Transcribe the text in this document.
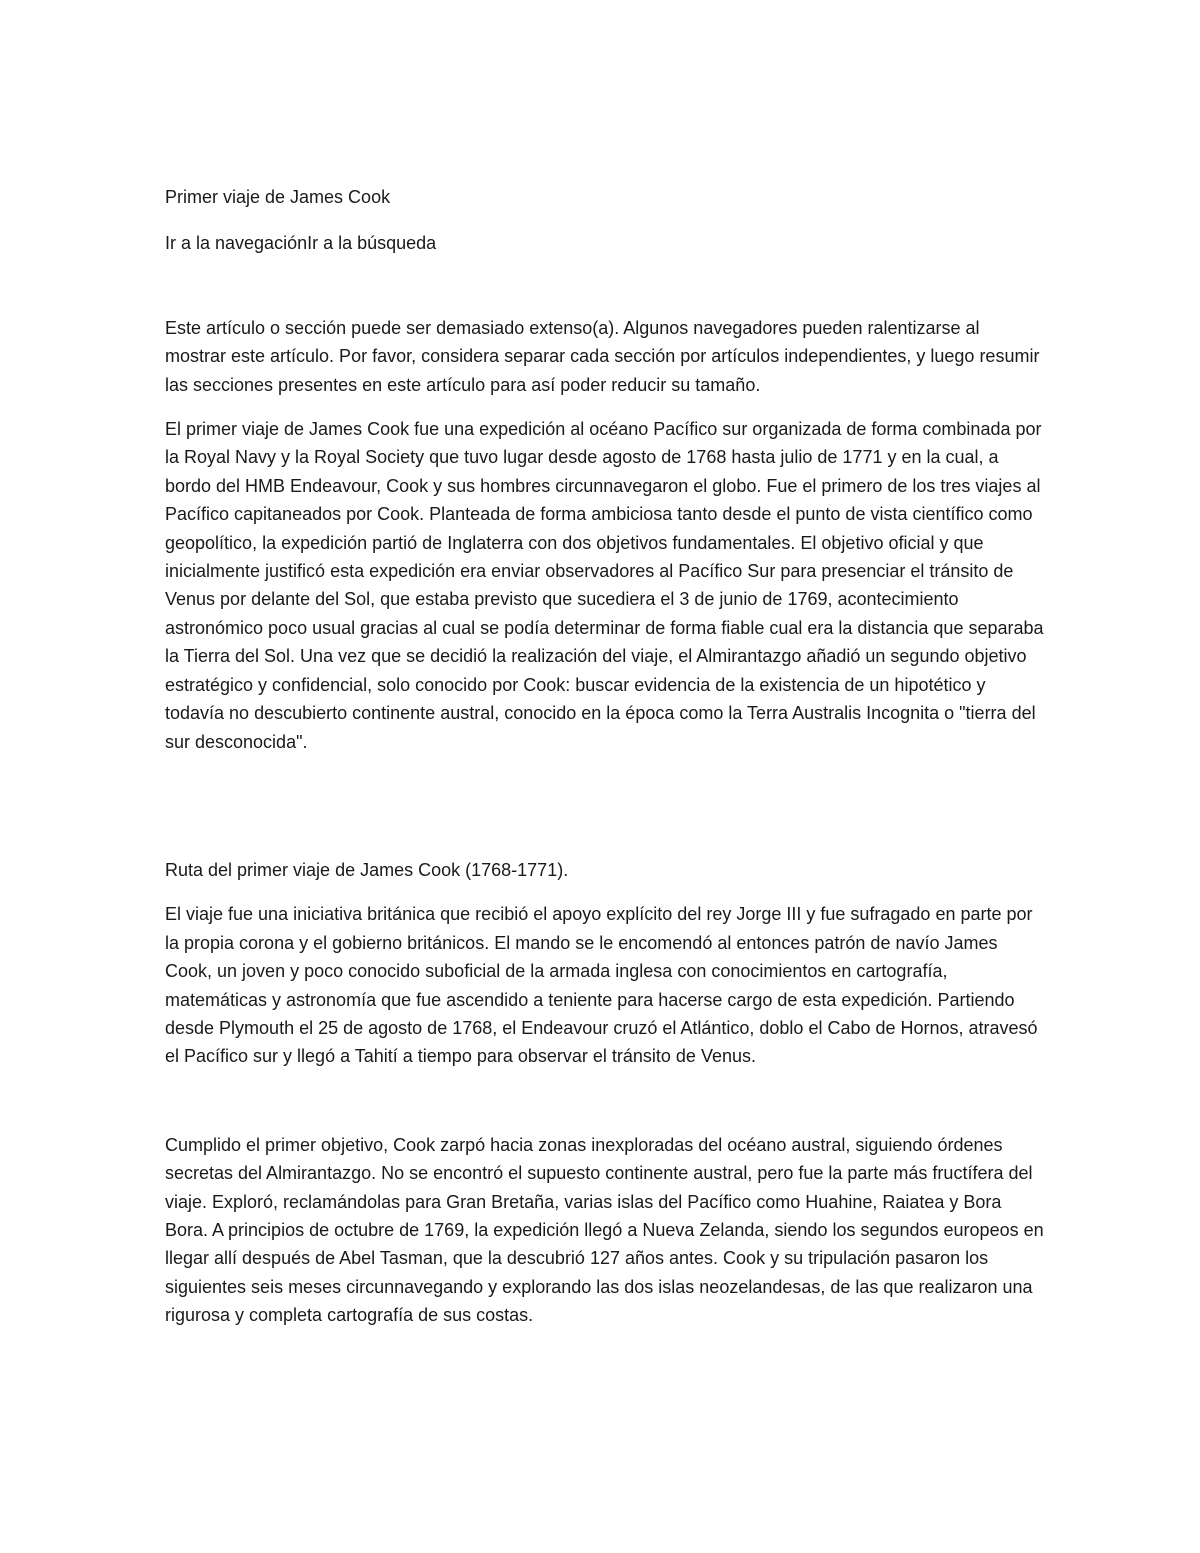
Primer viaje de James Cook

Ir a la navegaciónIr a la búsqueda

Este artículo o sección puede ser demasiado extenso(a). Algunos navegadores pueden ralentizarse al mostrar este artículo. Por favor, considera separar cada sección por artículos independientes, y luego resumir las secciones presentes en este artículo para así poder reducir su tamaño.

El primer viaje de James Cook fue una expedición al océano Pacífico sur organizada de forma combinada por la Royal Navy y la Royal Society que tuvo lugar desde agosto de 1768 hasta julio de 1771 y en la cual, a bordo del HMB Endeavour, Cook y sus hombres circunnavegaron el globo. Fue el primero de los tres viajes al Pacífico capitaneados por Cook. Planteada de forma ambiciosa tanto desde el punto de vista científico como geopolítico, la expedición partió de Inglaterra con dos objetivos fundamentales. El objetivo oficial y que inicialmente justificó esta expedición era enviar observadores al Pacífico Sur para presenciar el tránsito de Venus por delante del Sol, que estaba previsto que sucediera el 3 de junio de 1769, acontecimiento astronómico poco usual gracias al cual se podía determinar de forma fiable cual era la distancia que separaba la Tierra del Sol. Una vez que se decidió la realización del viaje, el Almirantazgo añadió un segundo objetivo estratégico y confidencial, solo conocido por Cook: buscar evidencia de la existencia de un hipotético y todavía no descubierto continente austral, conocido en la época como la Terra Australis Incognita o "tierra del sur desconocida".

Ruta del primer viaje de James Cook (1768-1771).

El viaje fue una iniciativa británica que recibió el apoyo explícito del rey Jorge III y fue sufragado en parte por la propia corona y el gobierno británicos. El mando se le encomendó al entonces patrón de navío James Cook, un joven y poco conocido suboficial de la armada inglesa con conocimientos en cartografía, matemáticas y astronomía que fue ascendido a teniente para hacerse cargo de esta expedición. Partiendo desde Plymouth el 25 de agosto de 1768, el Endeavour cruzó el Atlántico, doblo el Cabo de Hornos, atravesó el Pacífico sur y llegó a Tahití a tiempo para observar el tránsito de Venus.

Cumplido el primer objetivo, Cook zarpó hacia zonas inexploradas del océano austral, siguiendo órdenes secretas del Almirantazgo. No se encontró el supuesto continente austral, pero fue la parte más fructífera del viaje. Exploró, reclamándolas para Gran Bretaña, varias islas del Pacífico como Huahine, Raiatea y Bora Bora. A principios de octubre de 1769, la expedición llegó a Nueva Zelanda, siendo los segundos europeos en llegar allí después de Abel Tasman, que la descubrió 127 años antes. Cook y su tripulación pasaron los siguientes seis meses circunnavegando y explorando las dos islas neozelandesas, de las que realizaron una rigurosa y completa cartografía de sus costas.
